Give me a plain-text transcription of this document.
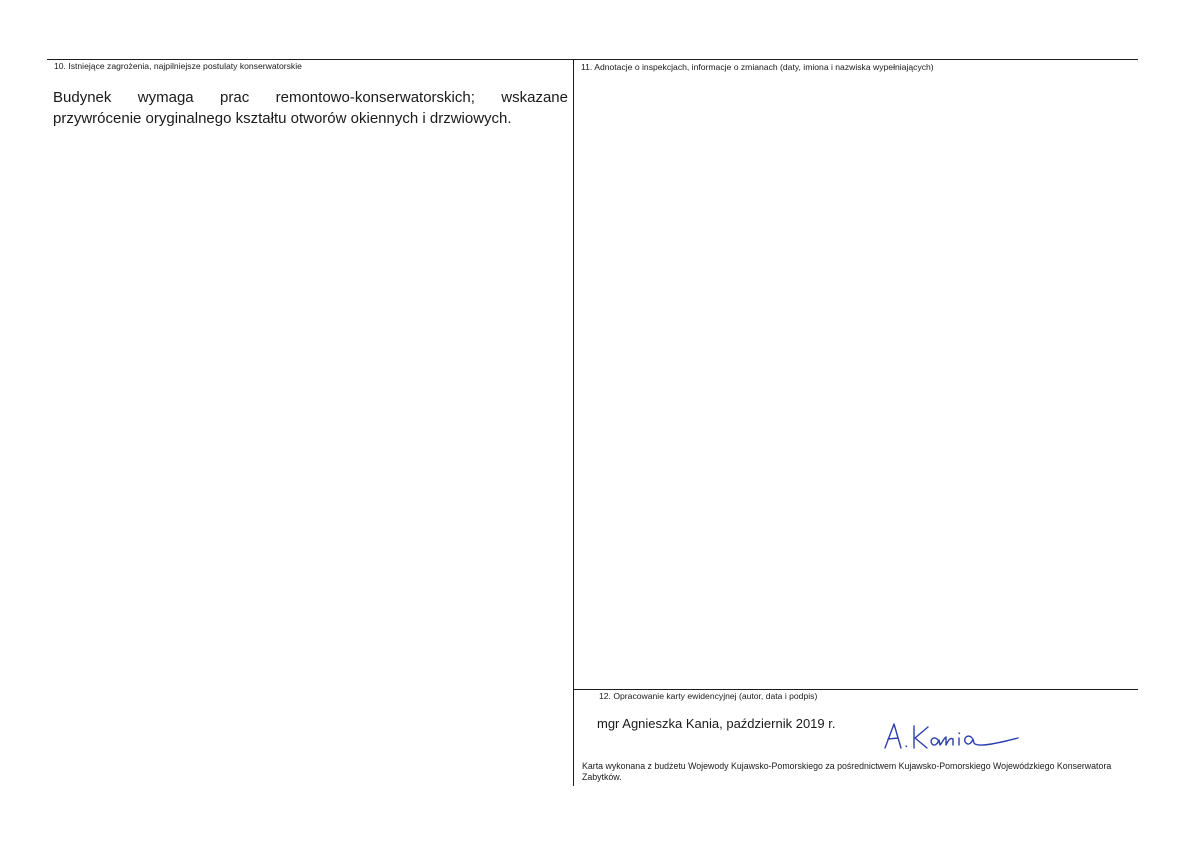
10. Istniejące zagrożenia, najpilniejsze postulaty konserwatorskie
Budynek wymaga prac remontowo-konserwatorskich; wskazane przywrócenie oryginalnego kształtu otworów okiennych i drzwiowych.
11. Adnotacje o inspekcjach, informacje o zmianach (daty, imiona i nazwiska wypełniających)
12. Opracowanie karty ewidencyjnej (autor, data i podpis)
mgr Agnieszka Kania, październik 2019 r.
Karta wykonana z budżetu Wojewody Kujawsko-Pomorskiego za pośrednictwem Kujawsko-Pomorskiego Wojewódzkiego Konserwatora Zabytków.
